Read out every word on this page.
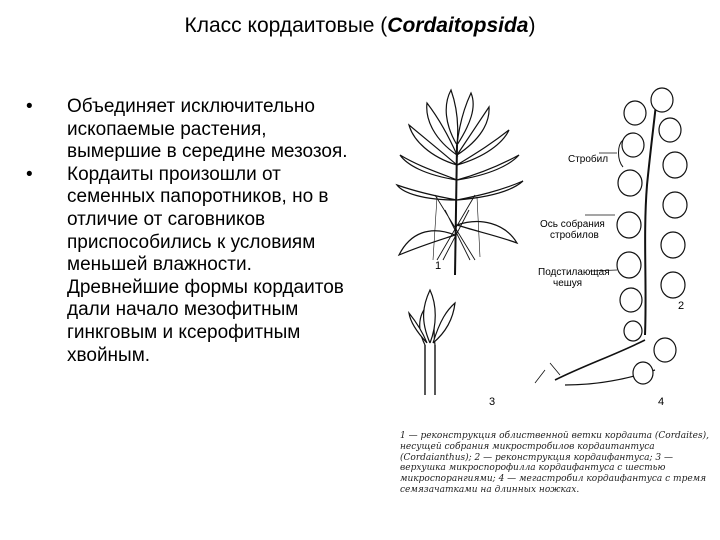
Класс кордаитовые (Cordaitopsida)
• Объединяет исключительно ископаемые растения, вымершие в середине мезозоя.
• Кордаиты произошли от семенных папоротников, но в отличие от саговников приспособились к условиям меньшей влажности. Древнейшие формы кордаитов дали начало мезофитным гинкговым и ксерофитным хвойным.
Стробил
Ось собрания
стробилов
Подстилающая
чешуя
1
2
3	4
1 — реконструкция облиственной ветки кордаита (Cordaites), несущей собрания микростробилов кордаитантуса (Cordaianthus); 2 — реконструкция кордаифантуса; 3 — верхушка микроспорофилла кордаифантуса с шестью микроспорангиями; 4 — мегастробил кордаифантуса с тремя семязачатками на длинных ножках.
